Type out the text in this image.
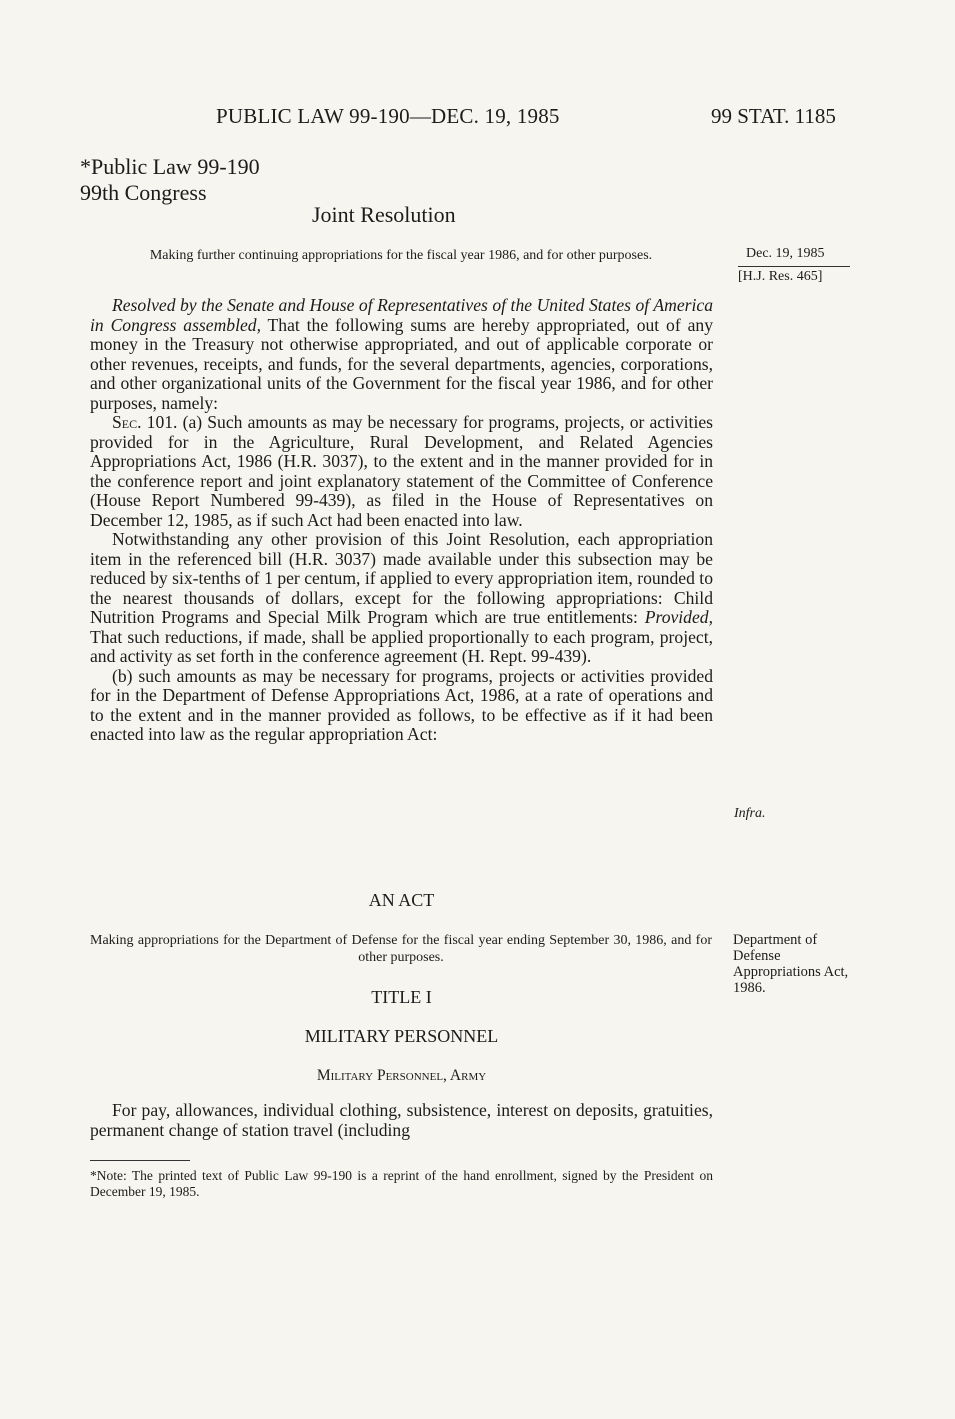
PUBLIC LAW 99-190—DEC. 19, 1985	99 STAT. 1185
*Public Law 99-190
99th Congress
Joint Resolution
Making further continuing appropriations for the fiscal year 1986, and for other purposes.	Dec. 19, 1985
[H.J. Res. 465]

Resolved by the Senate and House of Representatives of the United States of America in Congress assembled, That the following sums are hereby appropriated, out of any money in the Treasury not otherwise appropriated, and out of applicable corporate or other revenues, receipts, and funds, for the several departments, agencies, corporations, and other organizational units of the Government for the fiscal year 1986, and for other purposes, namely:

Sec. 101. (a) Such amounts as may be necessary for programs, projects, or activities provided for in the Agriculture, Rural Development, and Related Agencies Appropriations Act, 1986 (H.R. 3037), to the extent and in the manner provided for in the conference report and joint explanatory statement of the Committee of Conference (House Report Numbered 99-439), as filed in the House of Representatives on December 12, 1985, as if such Act had been enacted into law.

Notwithstanding any other provision of this Joint Resolution, each appropriation item in the referenced bill (H.R. 3037) made available under this subsection may be reduced by six-tenths of 1 per centum, if applied to every appropriation item, rounded to the nearest thousands of dollars, except for the following appropriations: Child Nutrition Programs and Special Milk Program which are true entitlements: Provided, That such reductions, if made, shall be applied proportionally to each program, project, and activity as set forth in the conference agreement (H. Rept. 99-439).

(b) such amounts as may be necessary for programs, projects or activities provided for in the Department of Defense Appropriations Act, 1986, at a rate of operations and to the extent and in the manner provided as follows, to be effective as if it had been enacted into law as the regular appropriation Act:

Infra.
AN ACT
Making appropriations for the Department of Defense for the fiscal year ending September 30, 1986, and for other purposes.
Department of Defense Appropriations Act, 1986.
TITLE I
MILITARY PERSONNEL
Military Personnel, Army

For pay, allowances, individual clothing, subsistence, interest on deposits, gratuities, permanent change of station travel (including

*Note: The printed text of Public Law 99-190 is a reprint of the hand enrollment, signed by the President on December 19, 1985.
